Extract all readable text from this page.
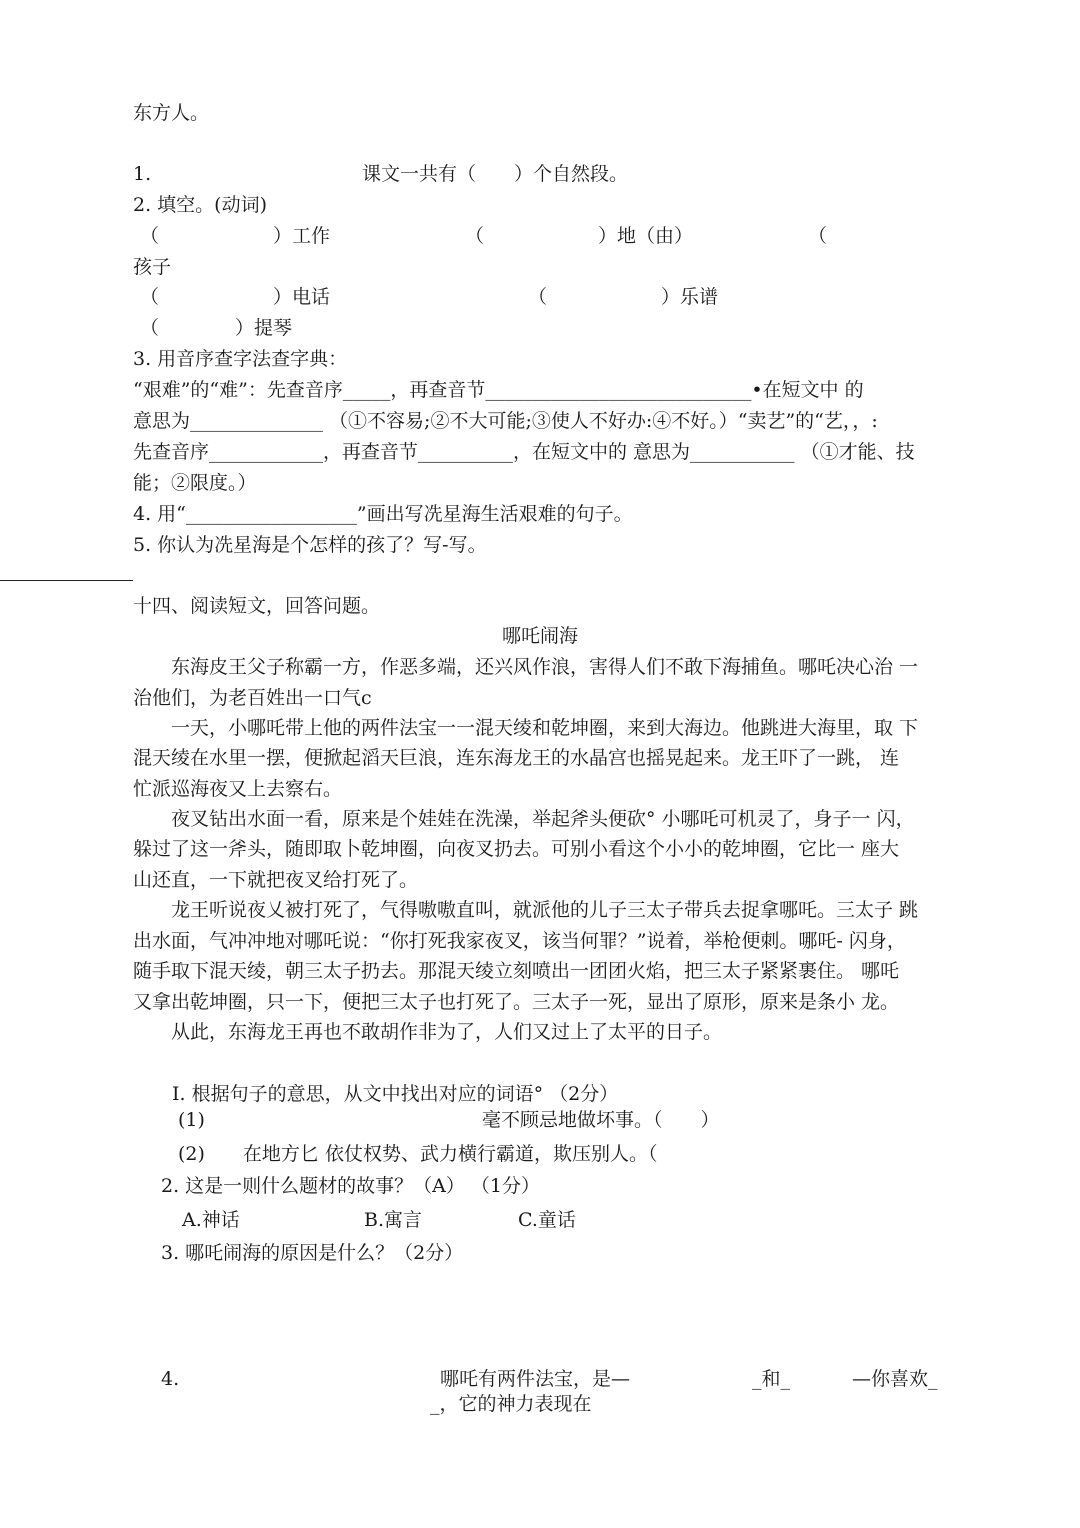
东方人。
1.	课文一共有（　　）个自然段。
2. 填空。(动词)
（　　　　　　）工作	（　　　　　　）地（由）	（
孩子
（　　　　　　）电话	（　　　　　　）乐谱
（　　　　）提琴
3. 用音序查字法查字典：
“艰难”的“难”：先查音序_____，再查音节____________________________•在短文中 的
意思为______________ （①不容易;②不大可能;③使人不好办:④不好。）“卖艺”的“艺，，:
先查音序____________，再查音节__________，在短文中的 意思为___________ （①才能、技
能；②限度。）
4. 用“__________________”画出写冼星海生活艰难的句子。
5. 你认为冼星海是个怎样的孩了？写-写。
十四、阅读短文，回答问题。
哪吒闹海
　　东海皮王父子称霸一方，作恶多端，还兴风作浪，害得人们不敢下海捕鱼。哪吒决心治 一
治他们，为老百姓出一口气c
　　一天，小哪吒带上他的两件法宝一一混天绫和乾坤圈，来到大海边。他跳进大海里，取 下
混天绫在水里一摆，便掀起滔天巨浪，连东海龙王的水晶宫也摇晃起来。龙王吓了一跳， 连
忙派巡海夜又上去察右。
　　夜叉钻出水面一看，原来是个娃娃在洗澡，举起斧头便砍° 小哪吒可机灵了，身子一 闪，
躲过了这一斧头，随即取卜乾坤圈，向夜叉扔去。可别小看这个小小的乾坤圈，它比一 座大
山还直，一下就把夜叉给打死了。
　　龙王听说夜乂被打死了，气得嗷嗷直叫，就派他的儿子三太子带兵去捉拿哪吒。三太子 跳
出水面，气冲冲地对哪吒说：“你打死我家夜叉，该当何罪？”说着，举枪便刺。哪吒- 闪身，
随手取下混天绫，朝三太子扔去。那混天绫立刻喷出一团团火焰，把三太子紧紧裹住。 哪吒
又拿出乾坤圈，只一下，便把三太子也打死了。三太子一死，显出了原形，原来是条小 龙。
　　从此，东海龙王再也不敢胡作非为了，人们又过上了太平的日子。
I. 根据句子的意思，从文中找出对应的词语° （2分）
(1)	毫不顾忌地做坏事。（　　）
(2)　　在地方匕 依仗权势、武力横行霸道，欺压别人。（
2. 这是一则什么题材的故事？（A） （1分）
A.神话	B.寓言	C.童话
3. 哪吒闹海的原因是什么？（2分）
4.	哪吒有两件法宝，是—	_和_	—你喜欢_
_，它的神力表现在
